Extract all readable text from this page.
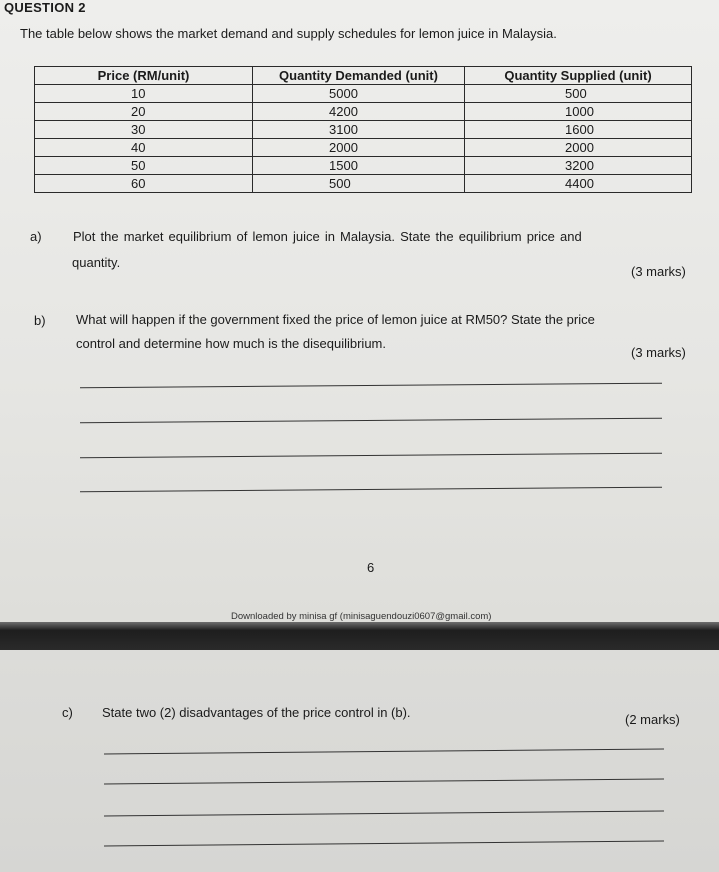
QUESTION 2
The table below shows the market demand and supply schedules for lemon juice in Malaysia.
Price (RM/unit)	Quantity Demanded (unit)	Quantity Supplied (unit)
10	5000	500
20	4200	1000
30	3100	1600
40	2000	2000
50	1500	3200
60	500	4400
a) Plot the market equilibrium of lemon juice in Malaysia. State the equilibrium price and
quantity.
(3 marks)
b) What will happen if the government fixed the price of lemon juice at RM50? State the price
control and determine how much is the disequilibrium.
(3 marks)
6
Downloaded by minisa gf (minisaguendouzi0607@gmail.com)
c) State two (2) disadvantages of the price control in (b).	(2 marks)
